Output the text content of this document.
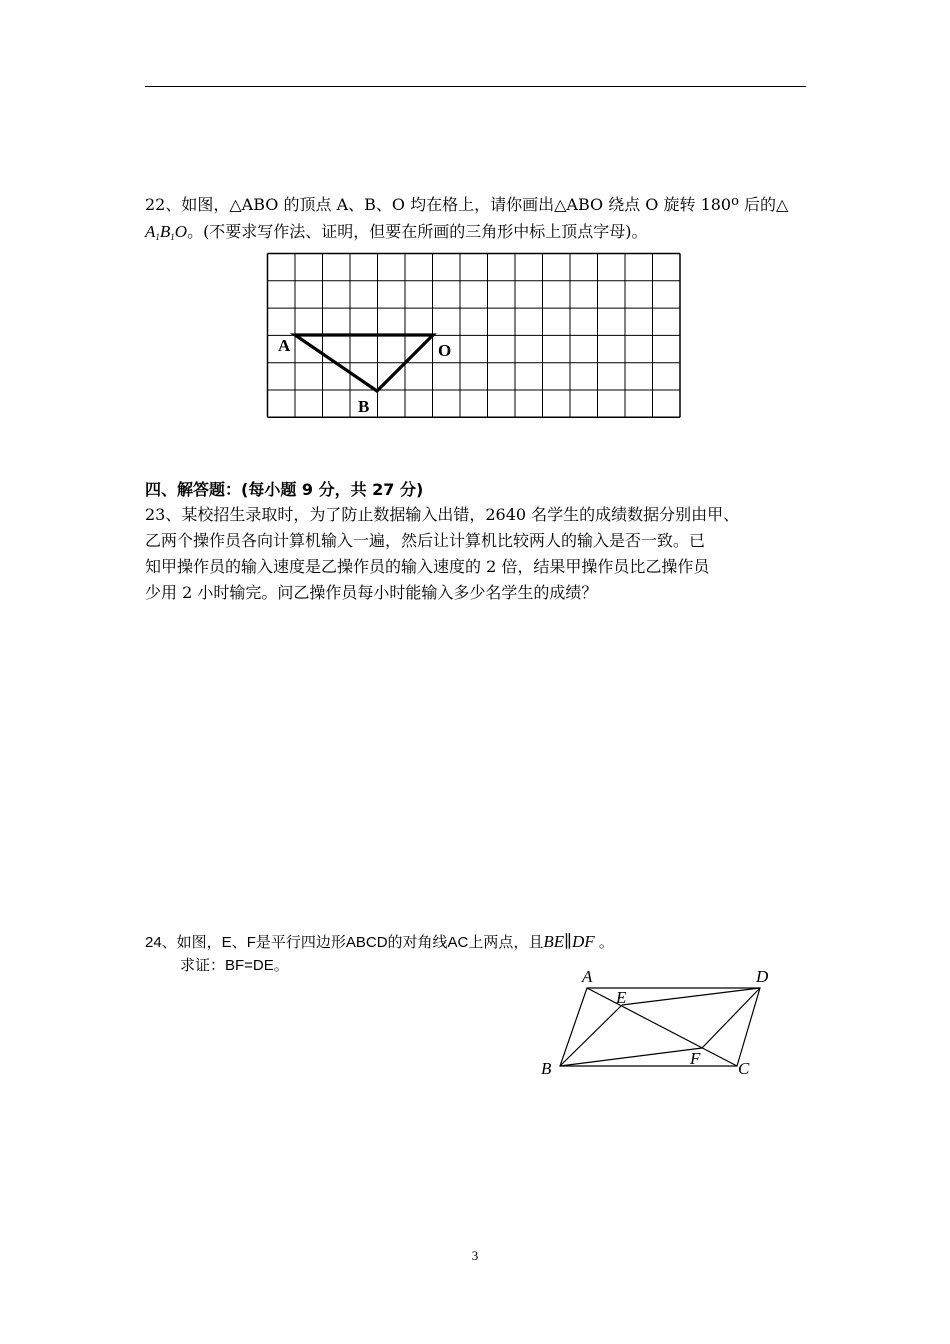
22、如图，△ABO 的顶点 A、B、O 均在格上，请你画出△ABO 绕点 O 旋转 180$^o$ 后的△
$A_1B_1O$。(不要求写作法、证明，但要在所画的三角形中标上顶点字母)。
A	O
B
四、解答题：(每小题 9 分，共 27 分)
23、某校招生录取时，为了防止数据输入出错，2640 名学生的成绩数据分别由甲、
乙两个操作员各向计算机输入一遍，然后让计算机比较两人的输入是否一致。已
知甲操作员的输入速度是乙操作员的输入速度的 2 倍，结果甲操作员比乙操作员
少用 2 小时输完。问乙操作员每小时能输入多少名学生的成绩？
24、如图，E、F是平行四边形ABCD的对角线AC上两点，且BE∥DF 。
求证：BF=DE。
A	D
E
F
B	C
3
